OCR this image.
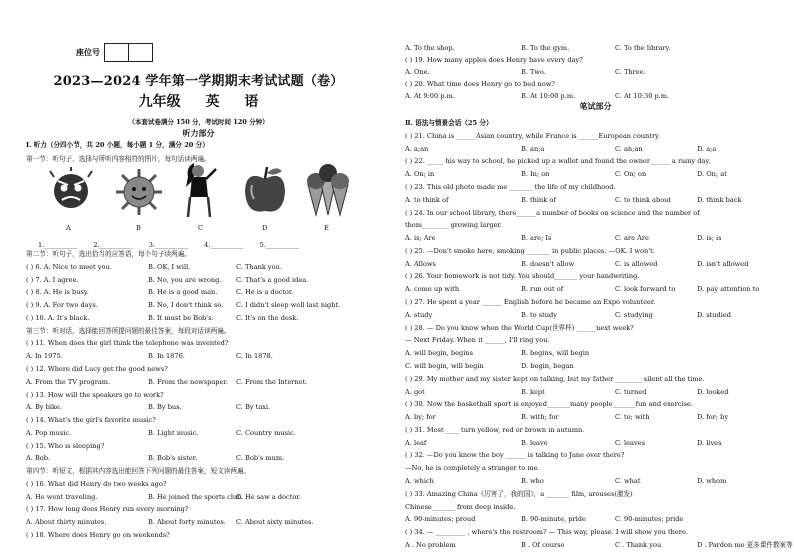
座位号
2023—2024 学年第一学期期末考试试题（卷）
九年级 英 语
（本套试卷满分 150 分，考试时间 120 分钟）
听力部分
A	B	C	D	E
1.__________ 2.__________ 3.__________ 4.__________ 5.__________
Ⅰ. 听力（分四小节，共 20 小题，每小题 1 分，满分 20 分）
第一节：听句子，选择与所听内容相符的图片，每句话读两遍。
第二节：听句子，选出恰当的应答语，每个句子读两遍。
( ) 6. A. Nice to meet you.	B. OK, I will.	C. Thank you.
( ) 7. A. I agree.	B. No, you are wrong. C. That's a good idea.
( ) 8. A. He is busy.	B. He is a good man.	C. He is a doctor.
( ) 9. A. For two days.	B. No, I don't think so. C. I didn't sleep well last night.
( ) 10. A. It's black.	B. It must be Bob's.	C. It's on the desk.
第三节：听对话，选择能回答所提问题的最佳答案，每段对话读两遍。
( ) 11. When does the girl think the telephone was invented?
A. In 1975.	B. In 1876.	C. In 1878.
( ) 12. Where did Lucy get the good news?
A. From the TV program.	B. From the newspaper. C. From the Internet.
( ) 13. How will the speakers go to work?
A. By bike.	B. By bus.	C. By taxi.
( ) 14. What's the girl's favorite music?
A. Pop music.	B. Light music.	C. Country music.
( ) 15. Who is sleeping?
A. Bob.	B. Bob's sister.	C. Bob's mum.
第四节：听短文，根据其内容选出能回答下列问题的最佳答案，短文读两遍。
( ) 16. What did Henry do two weeks ago?
A. He went traveling.	B. He joined the sports club.
C. He saw a doctor.
( ) 17. How long does Henry run every morning?
A. About thirty minutes.	B. About forty minutes. C. About sixty minutes.
( ) 18. Where does Henry go on weekends?
笔试部分
A. To the shop.	B. To the gym.	C. To the library.
( ) 19. How many apples does Henry have every day?
A. One.	B. Two.	C. Three.
( ) 20. What time does Henry go to bed now?
A. At 9:00 p.m.	B. At 10:00 p.m.	C. At 10:30 p.m.
Ⅱ. 语法与情景会话（25 分）
( ) 21. China is ______Asian country, while France is ______European country.
A. a;an	B. an;a	C. an;an	D. a;a
( ) 22. _____ his way to school, he picked up a wallet and found the owner______ a rainy day.
A. On; in	B. In; on	C. On; on	D. On; at
( ) 23. This old photo made me _______ the life of my childhood.
A. to think of	B. think of	C. to think about	D. think back
( ) 24. In our school library, there______a number of books on science and the number of
them________ growing larger.
A. is; Are	B. are; Is	C. are Are	D. is; is
( ) 25. —Don't smoke here, smoking _______ in public places. —OK. I won't.
A. Allows	B. doesn't allow	C. is allowed	D. isn't allowed
( ) 26. Your homework is not tidy. You should_______ your handwriting.
A. come up with	B. run out of	C. look forward to	D. pay attention to
( ) 27. He spent a year ______ English before he became an Expo volunteer.
A. study	B. to study	C. studying	D. studied
( ) 28. — Do you know when the World Cup(世界杯) ______next week?
— Next Friday. When it ______, I'll ring you.
A. will begin, begins	B. begins, will begin
C. will begin, will begin	D. begin, began
( ) 29. My mother and my sister kept on talking, but my father ________ silent all the time.
A. got	B. kept	C. turned	D. looked
( ) 30. Now the basketball sport is enjoyed_______many people_______fun and exercise.
A. by; for	B. with; for	C. to; with	D. for; by
( ) 31. Most ____ turn yellow, red or brown in autumn.
A. leaf	B. leave	C. leaves	D. lives
( ) 32. —Do you know the boy ______ is talking to Jane over there?
—No, he is completely a stranger to me.
A. which	B. who	C. what	D. whom
( ) 33. Amazing China《厉害了，我的国》，a _______ film, arouses(激发)
Chinese_______ from deep inside.
A. 90-minutes; proud	B. 90-minute, pride	C. 90-minutes; pride
( ) 34. — _________ , where's the restroom? — This way, please. I will show you there.
A . No problem	B . Of course	C . Thank you	D . Pardon me 更多课件教案等
